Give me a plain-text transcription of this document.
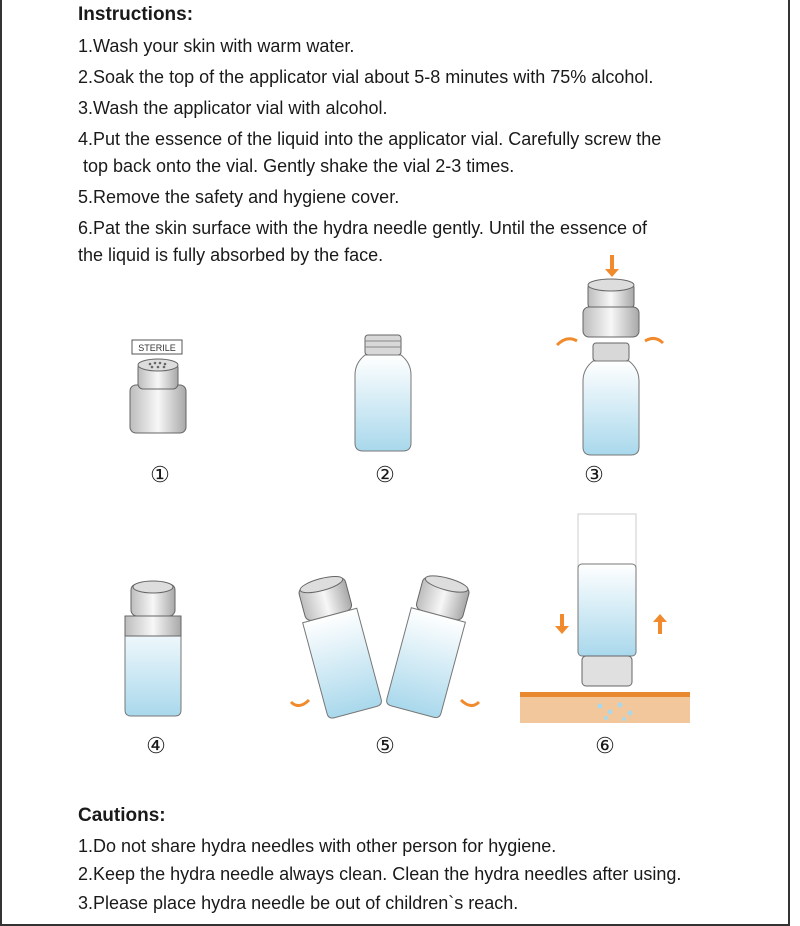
Instructions:

1.Wash your skin with warm water.

2.Soak the top of the applicator vial about 5-8 minutes with 75% alcohol.

3.Wash the applicator vial with alcohol.

4.Put the essence of the liquid into the applicator vial. Carefully screw the

top back onto the vial. Gently shake the vial 2-3 times.

5.Remove the safety and hygiene cover.

6.Pat the skin surface with the hydra needle gently. Until the essence of

the liquid is fully absorbed by the face.

STERILE
①	②	③
④	⑤	⑥
Cautions:

1.Do not share hydra needles with other person for hygiene.

2.Keep the hydra needle always clean. Clean the hydra needles after using.

3.Please place hydra needle be out of children`s reach.
